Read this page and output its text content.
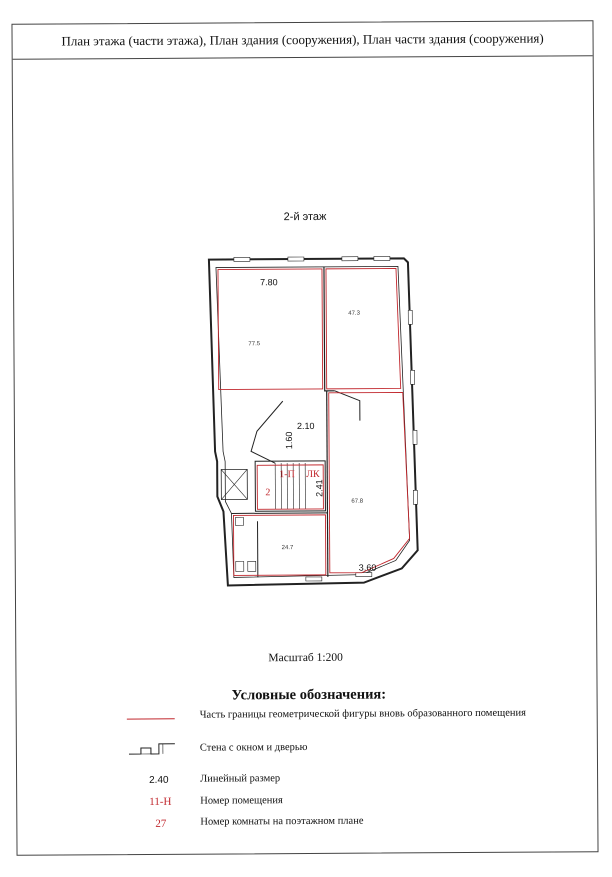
План этажа (части этажа), План здания (сооружения), План части здания (сооружения)
2-й этаж
7.80
2.10
1.60
2.41
3.60
77.5
47.3
67.8
24.7
ЛК
1-П
2
Масштаб 1:200
Условные обозначения:
Часть границы геометрической фигуры вновь образованного помещения
Стена с окном и дверью
2.40	Линейный размер
11-Н	Номер помещения
27	Номер комнаты на поэтажном плане
